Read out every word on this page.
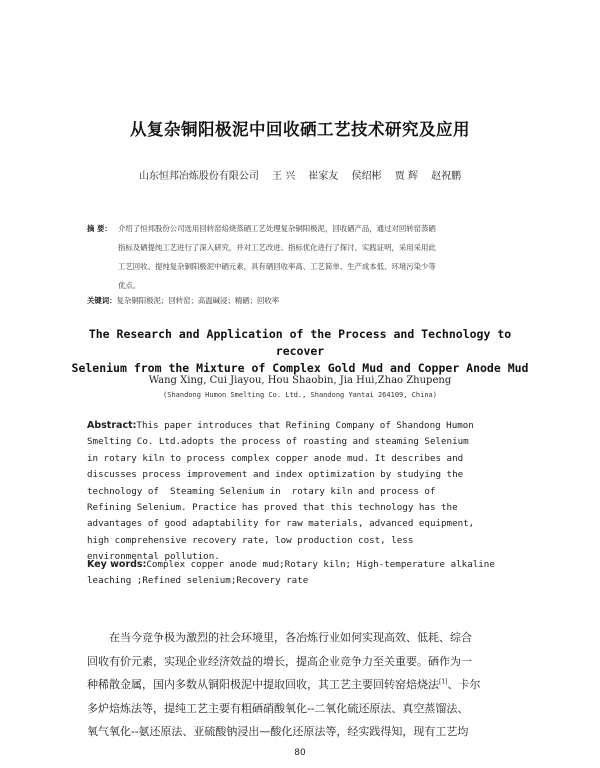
从复杂铜阳极泥中回收硒工艺技术研究及应用
山东恒邦冶炼股份有限公司 王 兴 崔家友 侯绍彬 贾 辉 赵祝鹏
摘 要： 介绍了恒邦股份公司选用回转窑焙烧蒸硒工艺处理复杂铜阳极泥，回收硒产品，通过对回转窑蒸硒
指标及硒提纯工艺进行了深入研究，并对工艺改进、指标优化进行了探讨。实践证明，采用采用此
工艺回收、提纯复杂铜阳极泥中硒元素，具有硒回收率高、工艺简单、生产成本低、环境污染少等
优点。
关键词：复杂铜阳极泥；回转窑；高温碱浸；精硒；回收率
The Research and Application of the Process and Technology to recover
Selenium from the Mixture of Complex Gold Mud and Copper Anode Mud
Wang Xing, Cui Jiayou, Hou Shaobin, Jia Hui,Zhao Zhupeng
(Shandong Humon Smelting Co. Ltd., Shandong Yantai 264109, China)
Abstract:This paper introduces that Refining Company of Shandong Humon
Smelting Co. Ltd.adopts the process of roasting and steaming Selenium
in rotary kiln to process complex copper anode mud. It describes and
discusses process improvement and index optimization by studying the
technology of  Steaming Selenium in  rotary kiln and process of
Refining Selenium. Practice has proved that this technology has the
advantages of good adaptability for raw materials, advanced equipment,
high comprehensive recovery rate, low production cost, less
environmental pollution.
Key words:Complex copper anode mud;Rotary kiln; High-temperature alkaline
leaching ;Refined selenium;Recovery rate
在当今竞争极为激烈的社会环境里，各冶炼行业如何实现高效、低耗、综合
回收有价元素，实现企业经济效益的增长，提高企业竞争力至关重要。硒作为一
种稀散金属，国内多数从铜阳极泥中提取回收，其工艺主要回转窑焙烧法[1]、卡尔
多炉焙炼法等，提纯工艺主要有粗硒硝酸氧化--二氧化硫还原法、真空蒸馏法、
氧气氧化--氨还原法、亚硫酸钠浸出—酸化还原法等，经实践得知，现有工艺均
80
